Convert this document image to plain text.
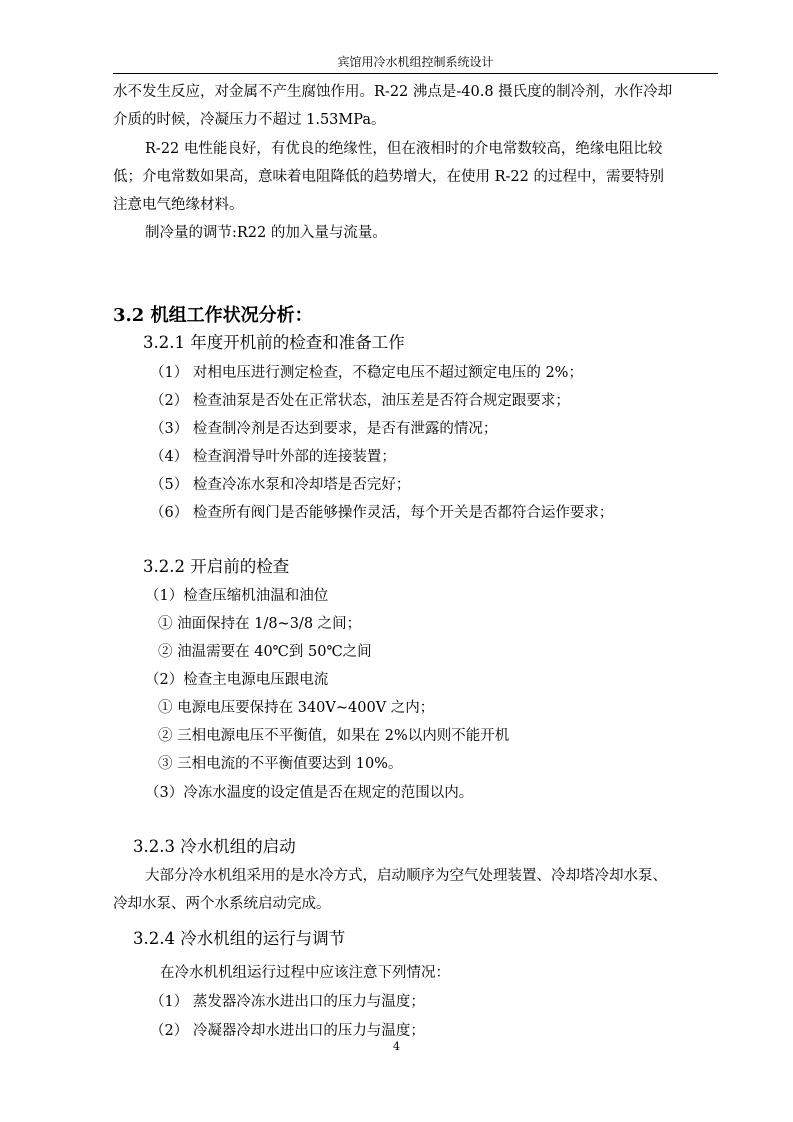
宾馆用冷水机组控制系统设计
水不发生反应，对金属不产生腐蚀作用。R-22 沸点是-40.8 摄氏度的制冷剂，水作冷却
介质的时候，冷凝压力不超过 1.53MPa。
R-22 电性能良好，有优良的绝缘性，但在液相时的介电常数较高，绝缘电阻比较
低；介电常数如果高，意味着电阻降低的趋势增大，在使用 R-22 的过程中，需要特别
注意电气绝缘材料。
制冷量的调节:R22 的加入量与流量。
3.2 机组工作状况分析：
3.2.1 年度开机前的检查和准备工作
（1） 对相电压进行测定检查，不稳定电压不超过额定电压的 2%；
（2） 检查油泵是否处在正常状态，油压差是否符合规定跟要求；
（3） 检查制冷剂是否达到要求，是否有泄露的情况；
（4） 检查润滑导叶外部的连接装置；
（5） 检查冷冻水泵和冷却塔是否完好；
（6） 检查所有阀门是否能够操作灵活，每个开关是否都符合运作要求；
3.2.2 开启前的检查
（1）检查压缩机油温和油位
① 油面保持在 1/8~3/8 之间；
② 油温需要在 40℃到 50℃之间
（2）检查主电源电压跟电流
① 电源电压要保持在 340V~400V 之内；
② 三相电源电压不平衡值，如果在 2%以内则不能开机
③ 三相电流的不平衡值要达到 10%。
（3）冷冻水温度的设定值是否在规定的范围以内。
3.2.3 冷水机组的启动
大部分冷水机组采用的是水冷方式，启动顺序为空气处理装置、冷却塔冷却水泵、
冷却水泵、两个水系统启动完成。
3.2.4 冷水机组的运行与调节
在冷水机机组运行过程中应该注意下列情况：
（1） 蒸发器冷冻水进出口的压力与温度；
（2） 冷凝器冷却水进出口的压力与温度；
4
